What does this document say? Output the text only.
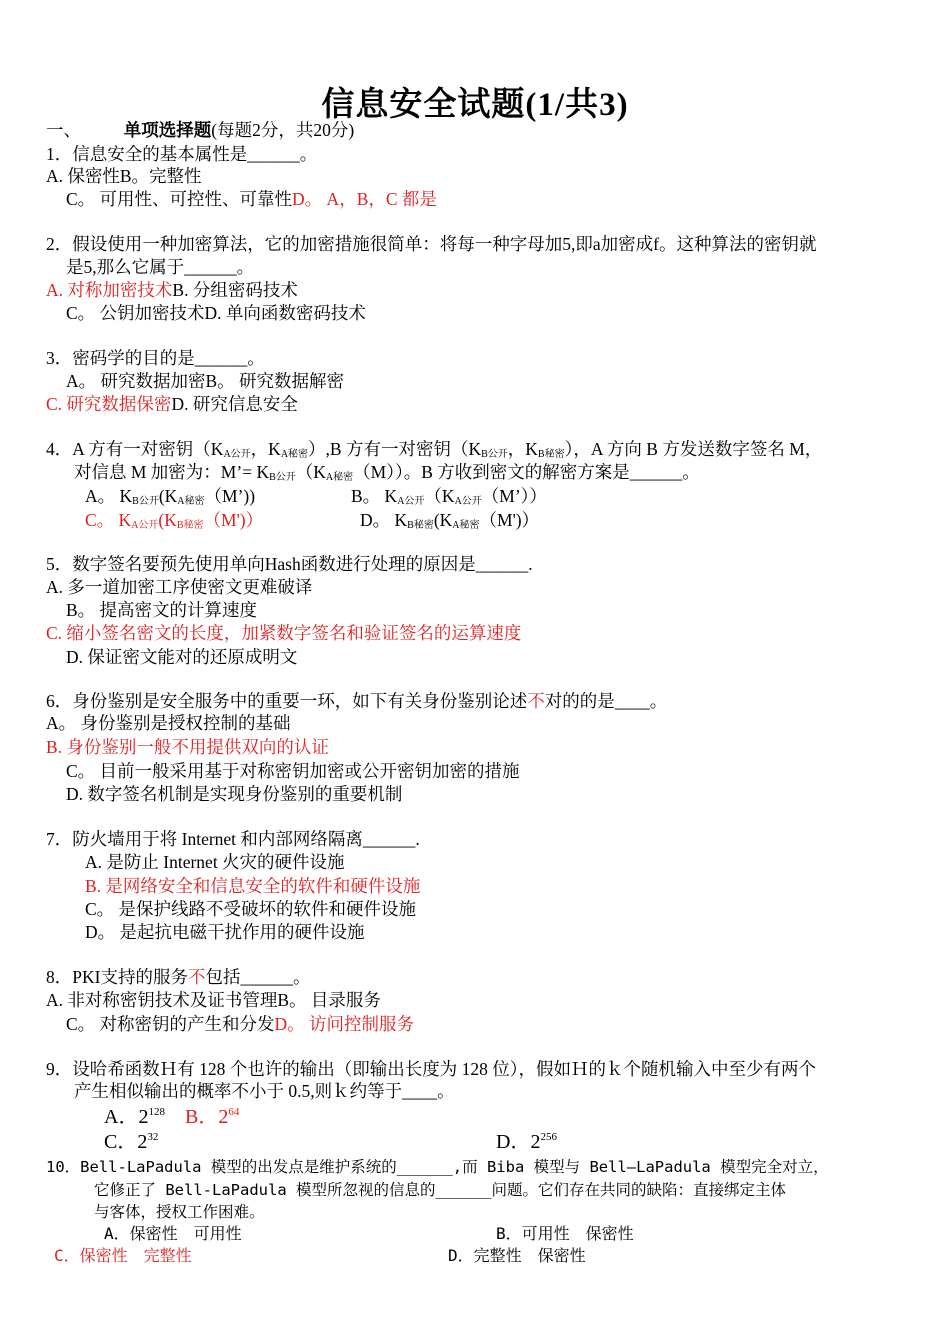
信息安全试题(1/共3)
一、 单项选择题(每题2分，共20分)
1．信息安全的基本属性是______。
A. 保密性B。完整性
C。 可用性、可控性、可靠性D。 A，B，C 都是
2．假设使用一种加密算法，它的加密措施很简单：将每一种字母加5,即a加密成f。这种算法的密钥就
是5,那么它属于______。
A. 对称加密技术B. 分组密码技术
C。 公钥加密技术D. 单向函数密码技术
3．密码学的目的是______。
A。 研究数据加密B。 研究数据解密
C. 研究数据保密D. 研究信息安全
4．A 方有一对密钥（$K_{A公开}$，$K_{A秘密}),B$ 方有一对密钥（$K_{B公开}$，$K_{B秘密}$），A 方向 B 方发送数字签名 M，
对信息 M 加密为：M’= $K_{B公开}(K_{A秘密}(M))$。B 方收到密文的解密方案是______。
A。 $K_{B公开}(K_{A秘密}(M’))$	B。 $K_{A公开}(K_{A公开}(M’))$
C。 $K_{A公开}(K_{B秘密}(M'))$	D。 $K_{B秘密}(K_{A秘密}(M'))$
5．数字签名要预先使用单向Hash函数进行处理的原因是______.
A. 多一道加密工序使密文更难破译
B。 提高密文的计算速度
C. 缩小签名密文的长度，加紧数字签名和验证签名的运算速度
D. 保证密文能对的还原成明文
6．身份鉴别是安全服务中的重要一环，如下有关身份鉴别论述不对的的是____。
A。 身份鉴别是授权控制的基础
B. 身份鉴别一般不用提供双向的认证
C。 目前一般采用基于对称密钥加密或公开密钥加密的措施
D. 数字签名机制是实现身份鉴别的重要机制
7．防火墙用于将 Internet 和内部网络隔离______.
A. 是防止 Internet 火灾的硬件设施
B. 是网络安全和信息安全的软件和硬件设施
C。 是保护线路不受破坏的软件和硬件设施
D。 是起抗电磁干扰作用的硬件设施
8．PKI支持的服务不包括______。
A. 非对称密钥技术及证书管理B。 目录服务
C。 对称密钥的产生和分发D。 访问控制服务
9．设哈希函数Ｈ有 128 个也许的输出（即输出长度为 128 位），假如Ｈ的ｋ个随机输入中至少有两个
产生相似输出的概率不小于 0.5,则ｋ约等于____。
A．$2^{128}$ B．$2^{64}$
C．$2^{32}$	D．$2^{256}$
10．Bell-LaPadula 模型的出发点是维护系统的______,而 Biba 模型与 Bell—LaPadula 模型完全对立，
它修正了 Bell-LaPadula 模型所忽视的信息的______问题。它们存在共同的缺陷：直接绑定主体
与客体，授权工作困难。
A．保密性　可用性	B．可用性　保密性
C．保密性　完整性	D．完整性　保密性
